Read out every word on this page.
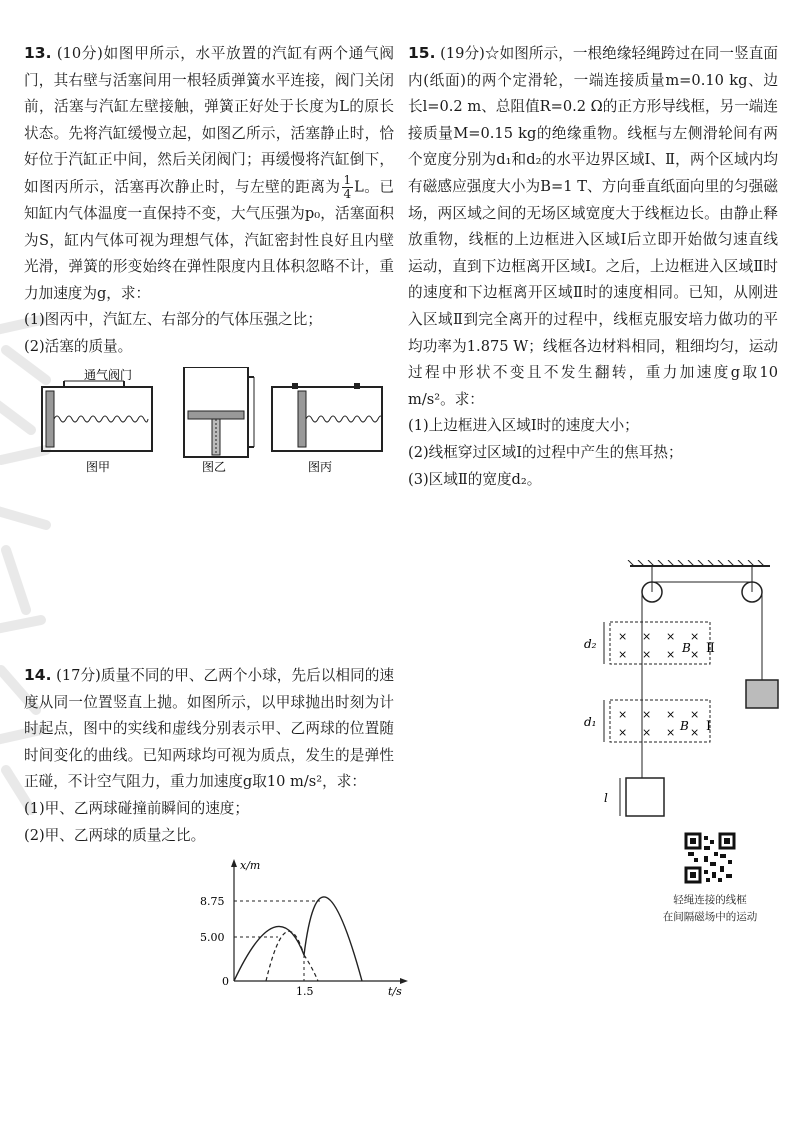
13. (10分)如图甲所示，水平放置的汽缸有两个通气阀门，其右壁与活塞间用一根轻质弹簧水平连接，阀门关闭前，活塞与汽缸左壁接触，弹簧正好处于长度为L的原长状态。先将汽缸缓慢立起，如图乙所示，活塞静止时，恰好位于汽缸正中间，然后关闭阀门；再缓慢将汽缸倒下，如图丙所示，活塞再次静止时，与左壁的距离为 $\frac{1}{4}$ L。已知缸内气体温度一直保持不变，大气压强为p₀，活塞面积为S，缸内气体可视为理想气体，汽缸密封性良好且内壁光滑，弹簧的形变始终在弹性限度内且体积忽略不计，重力加速度为g，求：

(1)图丙中，汽缸左、右部分的气体压强之比；

(2)活塞的质量。

通气阀门
图甲	图乙	图丙

14. (17分)质量不同的甲、乙两个小球，先后以相同的速度从同一位置竖直上抛。如图所示，以甲球抛出时刻为计时起点，图中的实线和虚线分别表示甲、乙两球的位置随时间变化的曲线。已知两球均可视为质点，发生的是弹性正碰，不计空气阻力，重力加速度g取10 m/s²，求：

(1)甲、乙两球碰撞前瞬间的速度；

(2)甲、乙两球的质量之比。

x/m
t/s
8.75
5.00
0
1.5

15. (19分)☆如图所示，一根绝缘轻绳跨过在同一竖直面内(纸面)的两个定滑轮，一端连接质量m=0.10 kg、边长l=0.2 m、总阻值R=0.2 Ω的正方形导线框，另一端连接质量M=0.15 kg的绝缘重物。线框与左侧滑轮间有两个宽度分别为d₁和d₂的水平边界区域Ⅰ、Ⅱ，两个区域内均有磁感应强度大小为B=1 T、方向垂直纸面向里的匀强磁场，两区域之间的无场区域宽度大于线框边长。由静止释放重物，线框的上边框进入区域Ⅰ后立即开始做匀速直线运动，直到下边框离开区域Ⅰ。之后，上边框进入区域Ⅱ时的速度和下边框离开区域Ⅱ时的速度相同。已知，从刚进入区域Ⅱ到完全离开的过程中，线框克服安培力做功的平均功率为1.875 W；线框各边材料相同，粗细均匀，运动过程中形状不变且不发生翻转，重力加速度g取10 m/s²。求：

(1)上边框进入区域Ⅰ时的速度大小；

(2)线框穿过区域Ⅰ的过程中产生的焦耳热；

(3)区域Ⅱ的宽度d₂。

× × × ×
× × × ×
B Ⅱ
d₂
× × × ×
× × × ×
B Ⅰ
d₁
l
轻绳连接的线框
在间隔磁场中的运动
